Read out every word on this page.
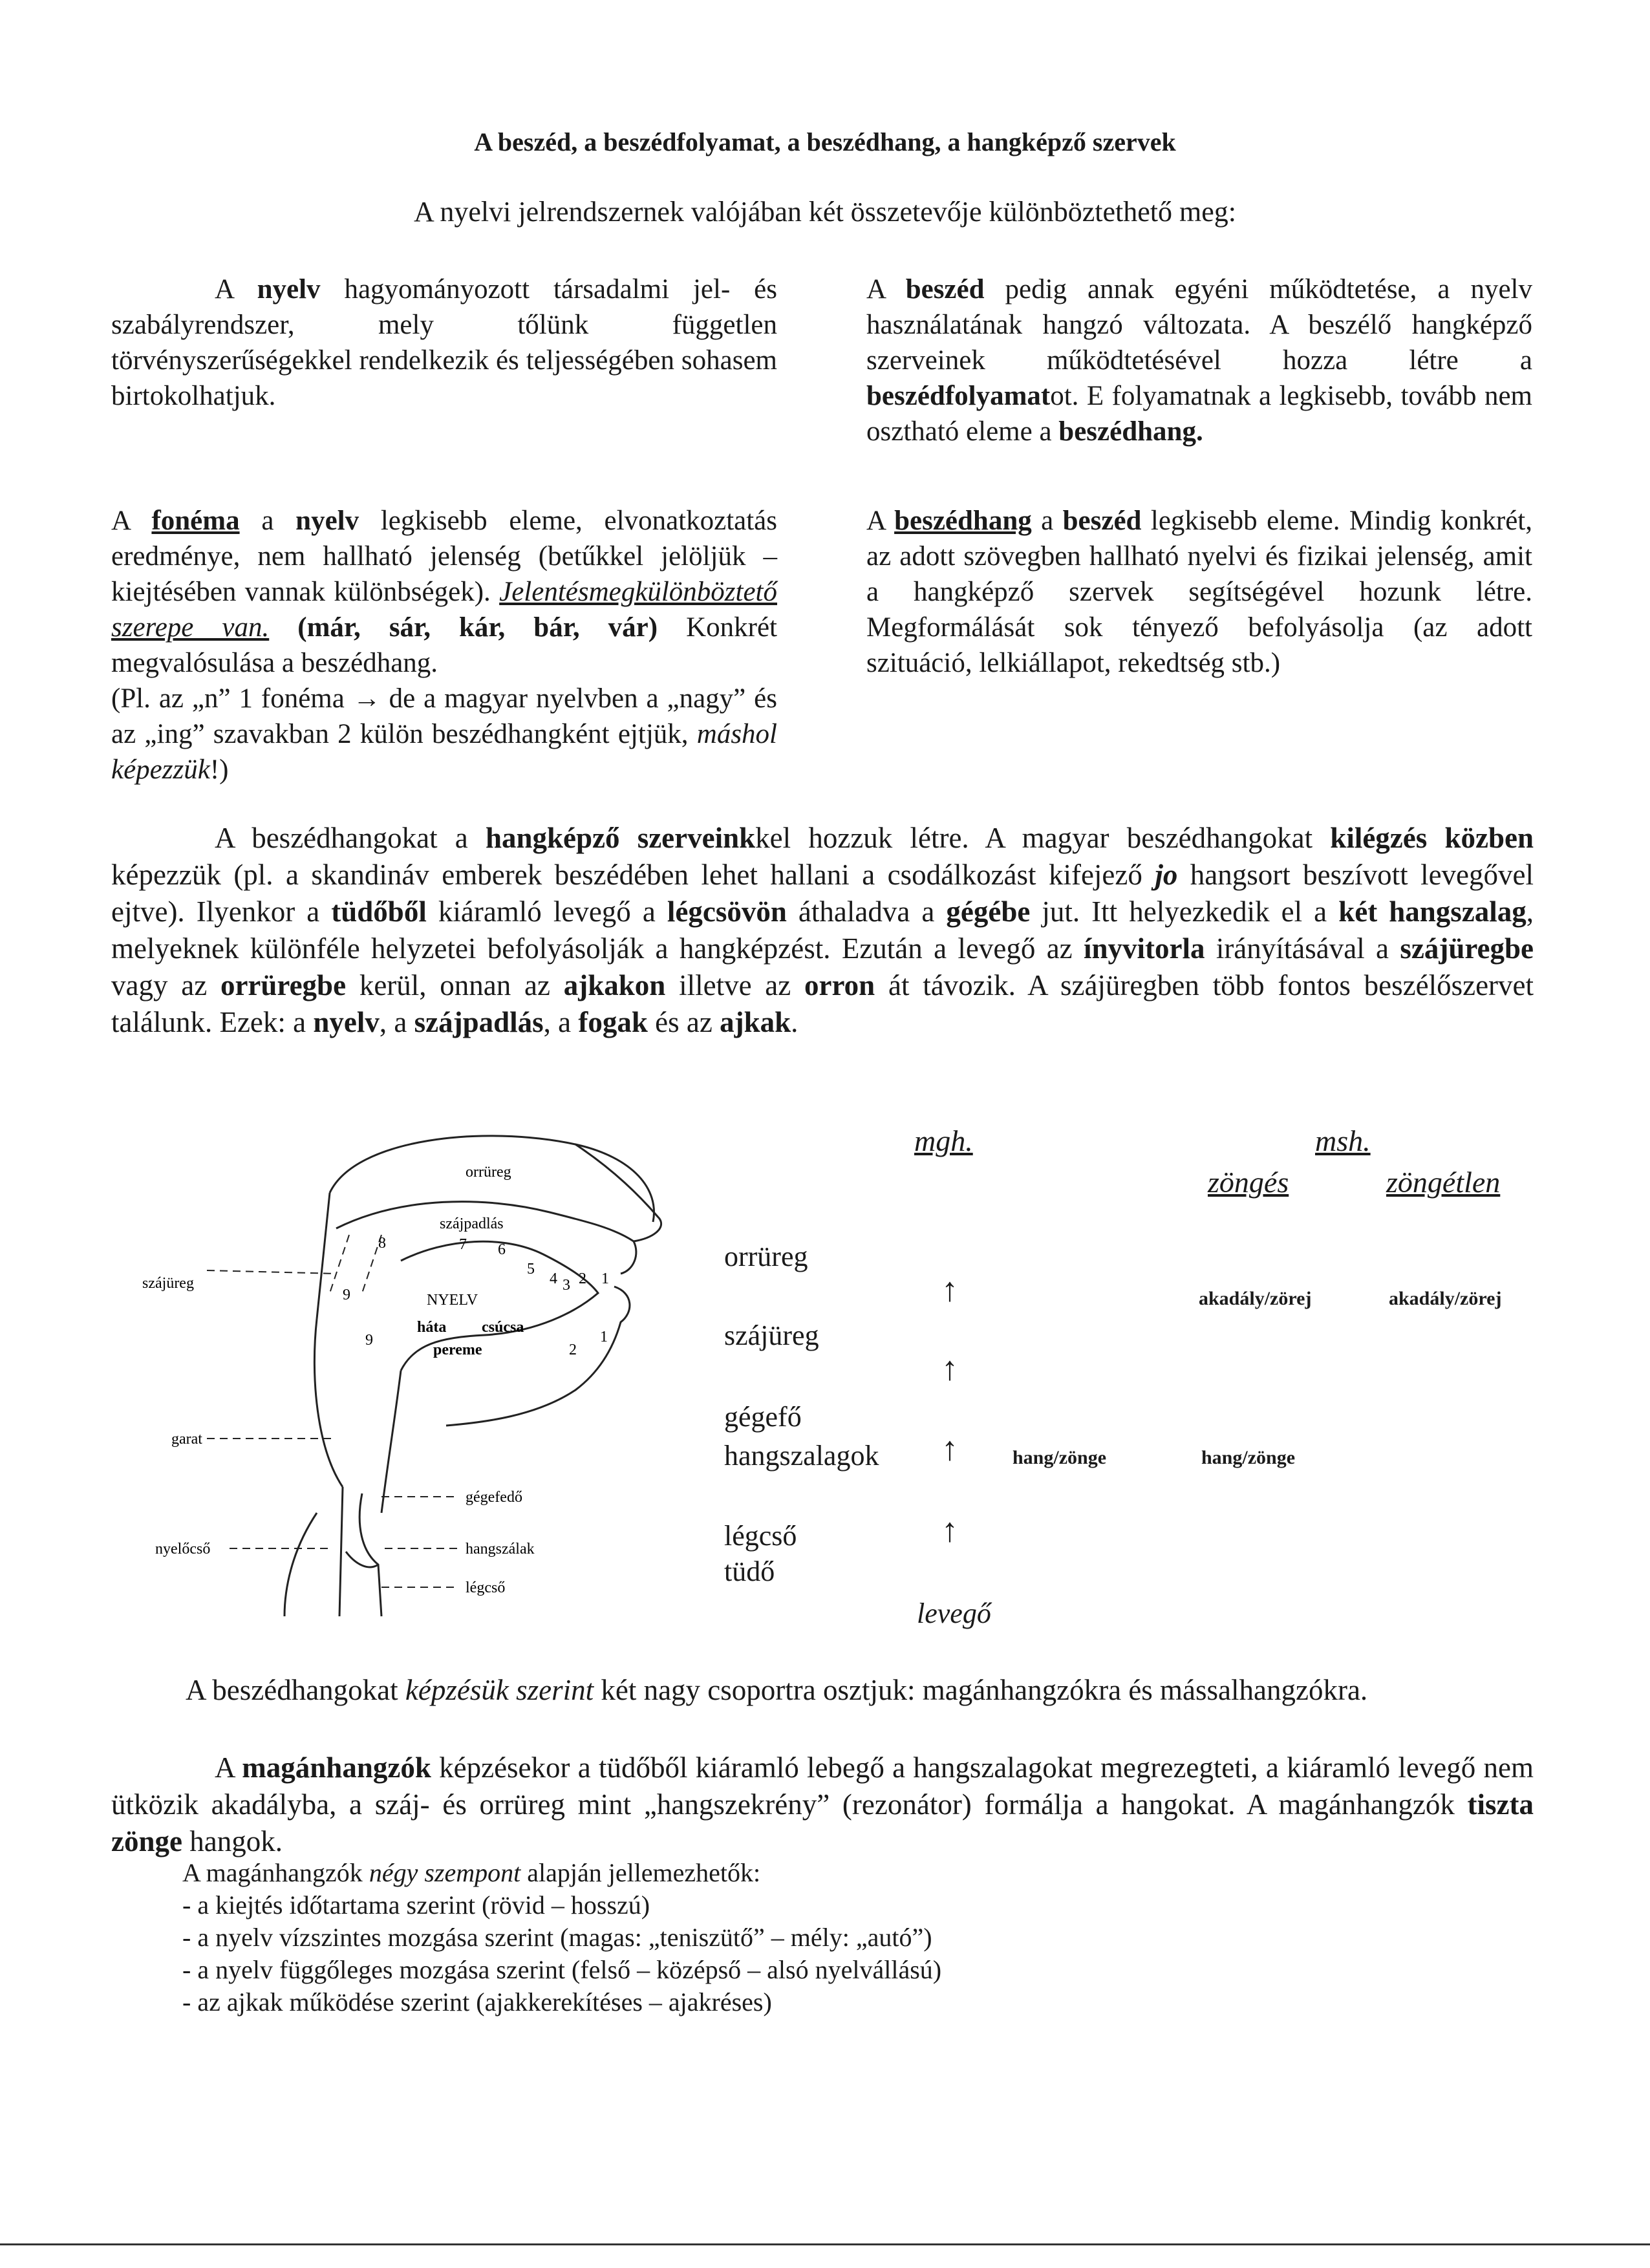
A beszéd, a beszédfolyamat, a beszédhang, a hangképző szervek
A nyelvi jelrendszernek valójában két összetevője különböztethető meg:

A nyelv hagyományozott társadalmi jel- és szabályrendszer, mely tőlünk független törvényszerűségekkel rendelkezik és teljességében sohasem birtokolhatjuk.

A fonéma a nyelv legkisebb eleme, elvonatkoztatás eredménye, nem hallható jelenség (betűkkel jelöljük – kiejtésében vannak különbségek). Jelentésmegkülönböztető szerepe van. (már, sár, kár, bár, vár) Konkrét megvalósulása a beszédhang.

(Pl. az „n” 1 fonéma → de a magyar nyelvben a „nagy” és az „ing” szavakban 2 külön beszédhangként ejtjük, máshol képezzük!)

A beszéd pedig annak egyéni működtetése, a nyelv használatának hangzó változata. A beszélő hangképző szerveinek működtetésével hozza létre a beszédfolyamatot. E folyamatnak a legkisebb, tovább nem osztható eleme a beszédhang.

A beszédhang a beszéd legkisebb eleme. Mindig konkrét, az adott szövegben hallható nyelvi és fizikai jelenség, amit a hangképző szervek segítségével hozunk létre. Megformálását sok tényező befolyásolja (az adott szituáció, lelkiállapot, rekedtség stb.)

A beszédhangokat a hangképző szerveinkkel hozzuk létre. A magyar beszédhangokat kilégzés közben képezzük (pl. a skandináv emberek beszédében lehet hallani a csodálkozást kifejező jo hangsort beszívott levegővel ejtve). Ilyenkor a tüdőből kiáramló levegő a légcsövön áthaladva a gégébe jut. Itt helyezkedik el a két hangszalag, melyeknek különféle helyzetei befolyásolják a hangképzést. Ezután a levegő az ínyvitorla irányításával a szájüregbe vagy az orrüregbe kerül, onnan az ajkakon illetve az orron át távozik. A szájüregben több fontos beszélőszervet találunk. Ezek: a nyelv, a szájpadlás, a fogak és az ajkak.

orrüreg
szájpadlás
szájüreg
NYELV
háta csúcsa
pereme
garat
gégefedő
nyelőcső	hangszálak
légcső
8	7 6
5
4 3 2 1
9
9	1
2
mgh.	msh.
zöngés	zöngétlen
orrüreg
szájüreg
gégefő
hangszalagok
légcső
tüdő
↑
↑
↑
↑
levegő
akadály/zörej	akadály/zörej
hang/zönge	hang/zönge

A beszédhangokat képzésük szerint két nagy csoportra osztjuk: magánhangzókra és mássalhangzókra.

A magánhangzók képzésekor a tüdőből kiáramló lebegő a hangszalagokat megrezegteti, a kiáramló levegő nem ütközik akadályba, a száj- és orrüreg mint „hangszekrény” (rezonátor) formálja a hangokat. A magánhangzók tiszta zönge hangok.

A magánhangzók négy szempont alapján jellemezhetők:

- a kiejtés időtartama szerint (rövid – hosszú)

- a nyelv vízszintes mozgása szerint (magas: „teniszütő” – mély: „autó”)

- a nyelv függőleges mozgása szerint (felső – középső – alsó nyelvállású)

- az ajkak működése szerint (ajakkerekítéses – ajakréses)
